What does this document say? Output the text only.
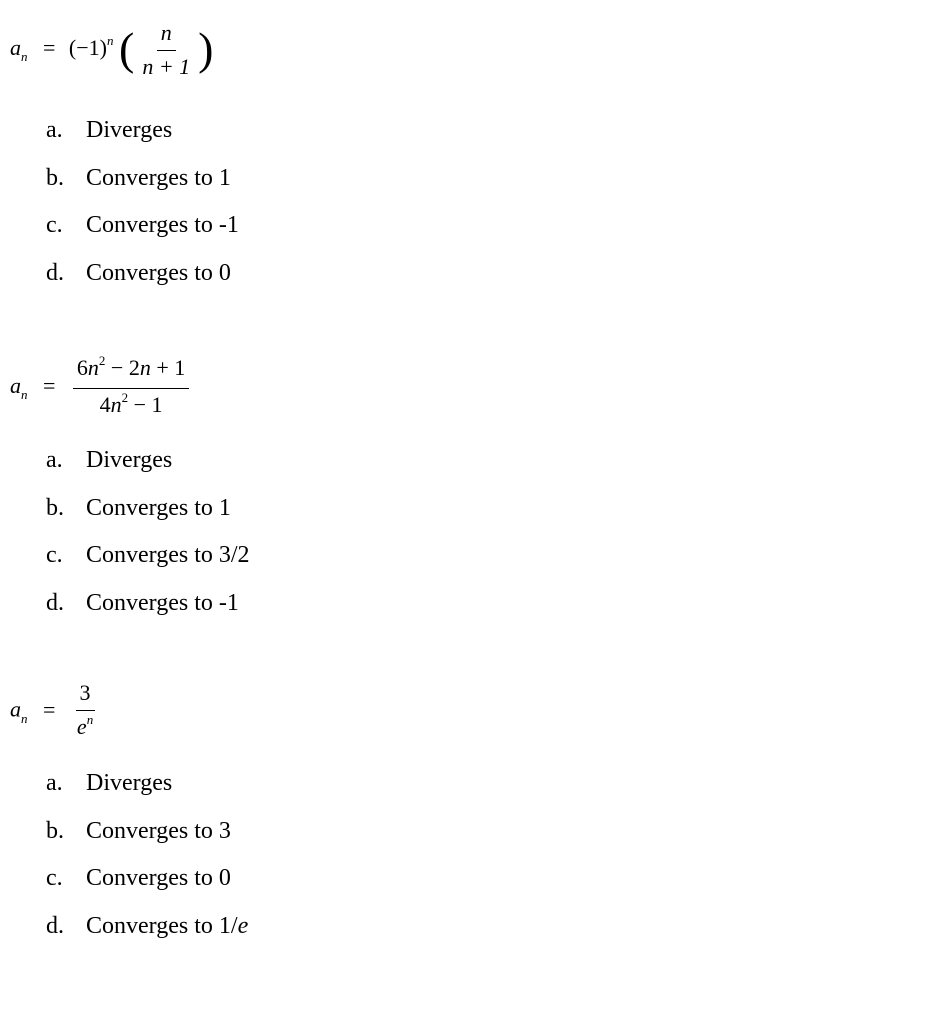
$a_n = (-1)^n$ ( $\frac{n}{n + 1}$ )
a. Diverges
b. Converges to 1
c. Converges to -1
d. Converges to 0
$a_n = \frac{6n^2 - 2n + 1}{4n^2 - 1}$
a. Diverges
b. Converges to 1
c. Converges to 3/2
d. Converges to -1
$a_n = \frac{3}{e^n}$
a. Diverges
b. Converges to 3
c. Converges to 0
d. Converges to 1/e
